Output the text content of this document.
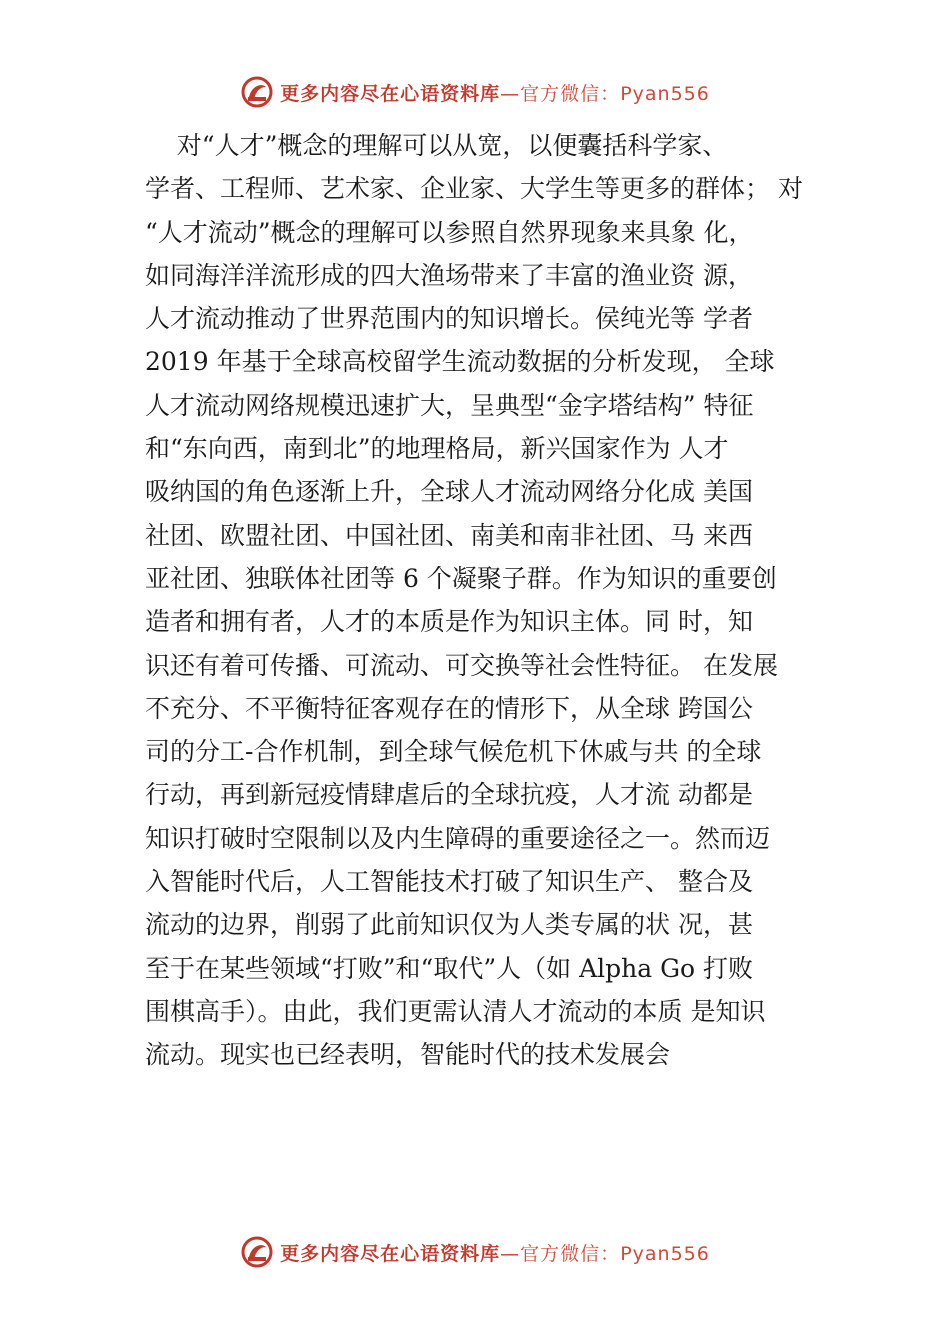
更多内容尽在心语资料库—官方微信：Pyan556
对“人才”概念的理解可以从宽，以便囊括科学家、
学者、工程师、艺术家、企业家、大学生等更多的群体； 对
“人才流动”概念的理解可以参照自然界现象来具象 化，
如同海洋洋流形成的四大渔场带来了丰富的渔业资 源，
人才流动推动了世界范围内的知识增长。侯纯光等 学者
2019 年基于全球高校留学生流动数据的分析发现， 全球
人才流动网络规模迅速扩大，呈典型“金字塔结构” 特征
和“东向西，南到北”的地理格局，新兴国家作为 人才
吸纳国的角色逐渐上升，全球人才流动网络分化成 美国
社团、欧盟社团、中国社团、南美和南非社团、马 来西
亚社团、独联体社团等 6 个凝聚子群。作为知识的重要创
造者和拥有者，人才的本质是作为知识主体。同 时，知
识还有着可传播、可流动、可交换等社会性特征。 在发展
不充分、不平衡特征客观存在的情形下，从全球 跨国公
司的分工-合作机制，到全球气候危机下休戚与共 的全球
行动，再到新冠疫情肆虐后的全球抗疫，人才流 动都是
知识打破时空限制以及内生障碍的重要途径之一。然而迈
入智能时代后，人工智能技术打破了知识生产、 整合及
流动的边界，削弱了此前知识仅为人类专属的状 况，甚
至于在某些领域“打败”和“取代”人（如 Alpha Go 打败
围棋高手）。由此，我们更需认清人才流动的本质 是知识
流动。现实也已经表明，智能时代的技术发展会
更多内容尽在心语资料库—官方微信：Pyan556
